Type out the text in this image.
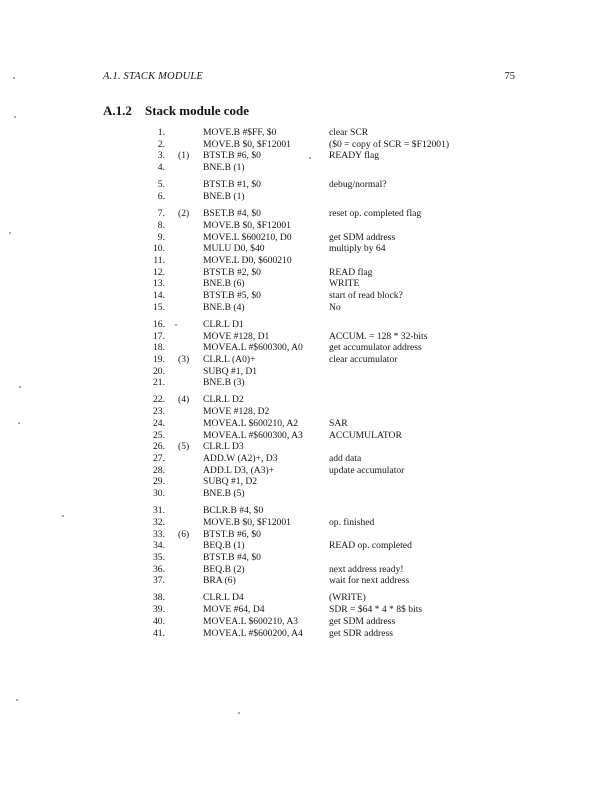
A.1. STACK MODULE	75
A.1.2 Stack module code
1.	MOVE.B #$FF, $0	clear SCR
2.	MOVE.B $0, $F12001	($0 = copy of SCR = $F12001)
3. (1) BTST.B #6, $0	READY flag
4.	BNE.B (1)
5.	BTST.B #1, $0	debug/normal?
6.	BNE.B (1)
7. (2) BSET.B #4, $0	reset op. completed flag
8.	MOVE.B $0, $F12001
9.	MOVE.L $600210, D0	get SDM address
10.	MULU D0, $40	multiply by 64
11.	MOVE.L D0, $600210
12.	BTST.B #2, $0	READ flag
13.	BNE.B (6)	WRITE
14.	BTST.B #5, $0	start of read block?
15.	BNE.B (4)	No
16.	CLR.L D1
17.	MOVE #128, D1	ACCUM. = 128 * 32-bits
18.	MOVEA.L #$600300, A0	get accumulator address
19. (3) CLR.L (A0)+	clear accumulator
20.	SUBQ #1, D1
21.	BNE.B (3)
22. (4) CLR.L D2
23.	MOVE #128, D2
24.	MOVEA.L $600210, A2	SAR
25.	MOVEA.L #$600300, A3	ACCUMULATOR
26. (5) CLR.L D3
27.	ADD.W (A2)+, D3	add data
28.	ADD.L D3, (A3)+	update accumulator
29.	SUBQ #1, D2
30.	BNE.B (5)
31.	BCLR.B #4, $0
32.	MOVE.B $0, $F12001	op. finished
33. (6) BTST.B #6, $0
34.	BEQ.B (1)	READ op. completed
35.	BTST.B #4, $0
36.	BEQ.B (2)	next address ready!
37.	BRA (6)	wait for next address
38.	CLR.L D4	(WRITE)
39.	MOVE #64, D4	SDR = $64 * 4 * 8$ bits
40.	MOVEA.L $600210, A3	get SDM address
41.	MOVEA.L #$600200, A4	get SDR address
